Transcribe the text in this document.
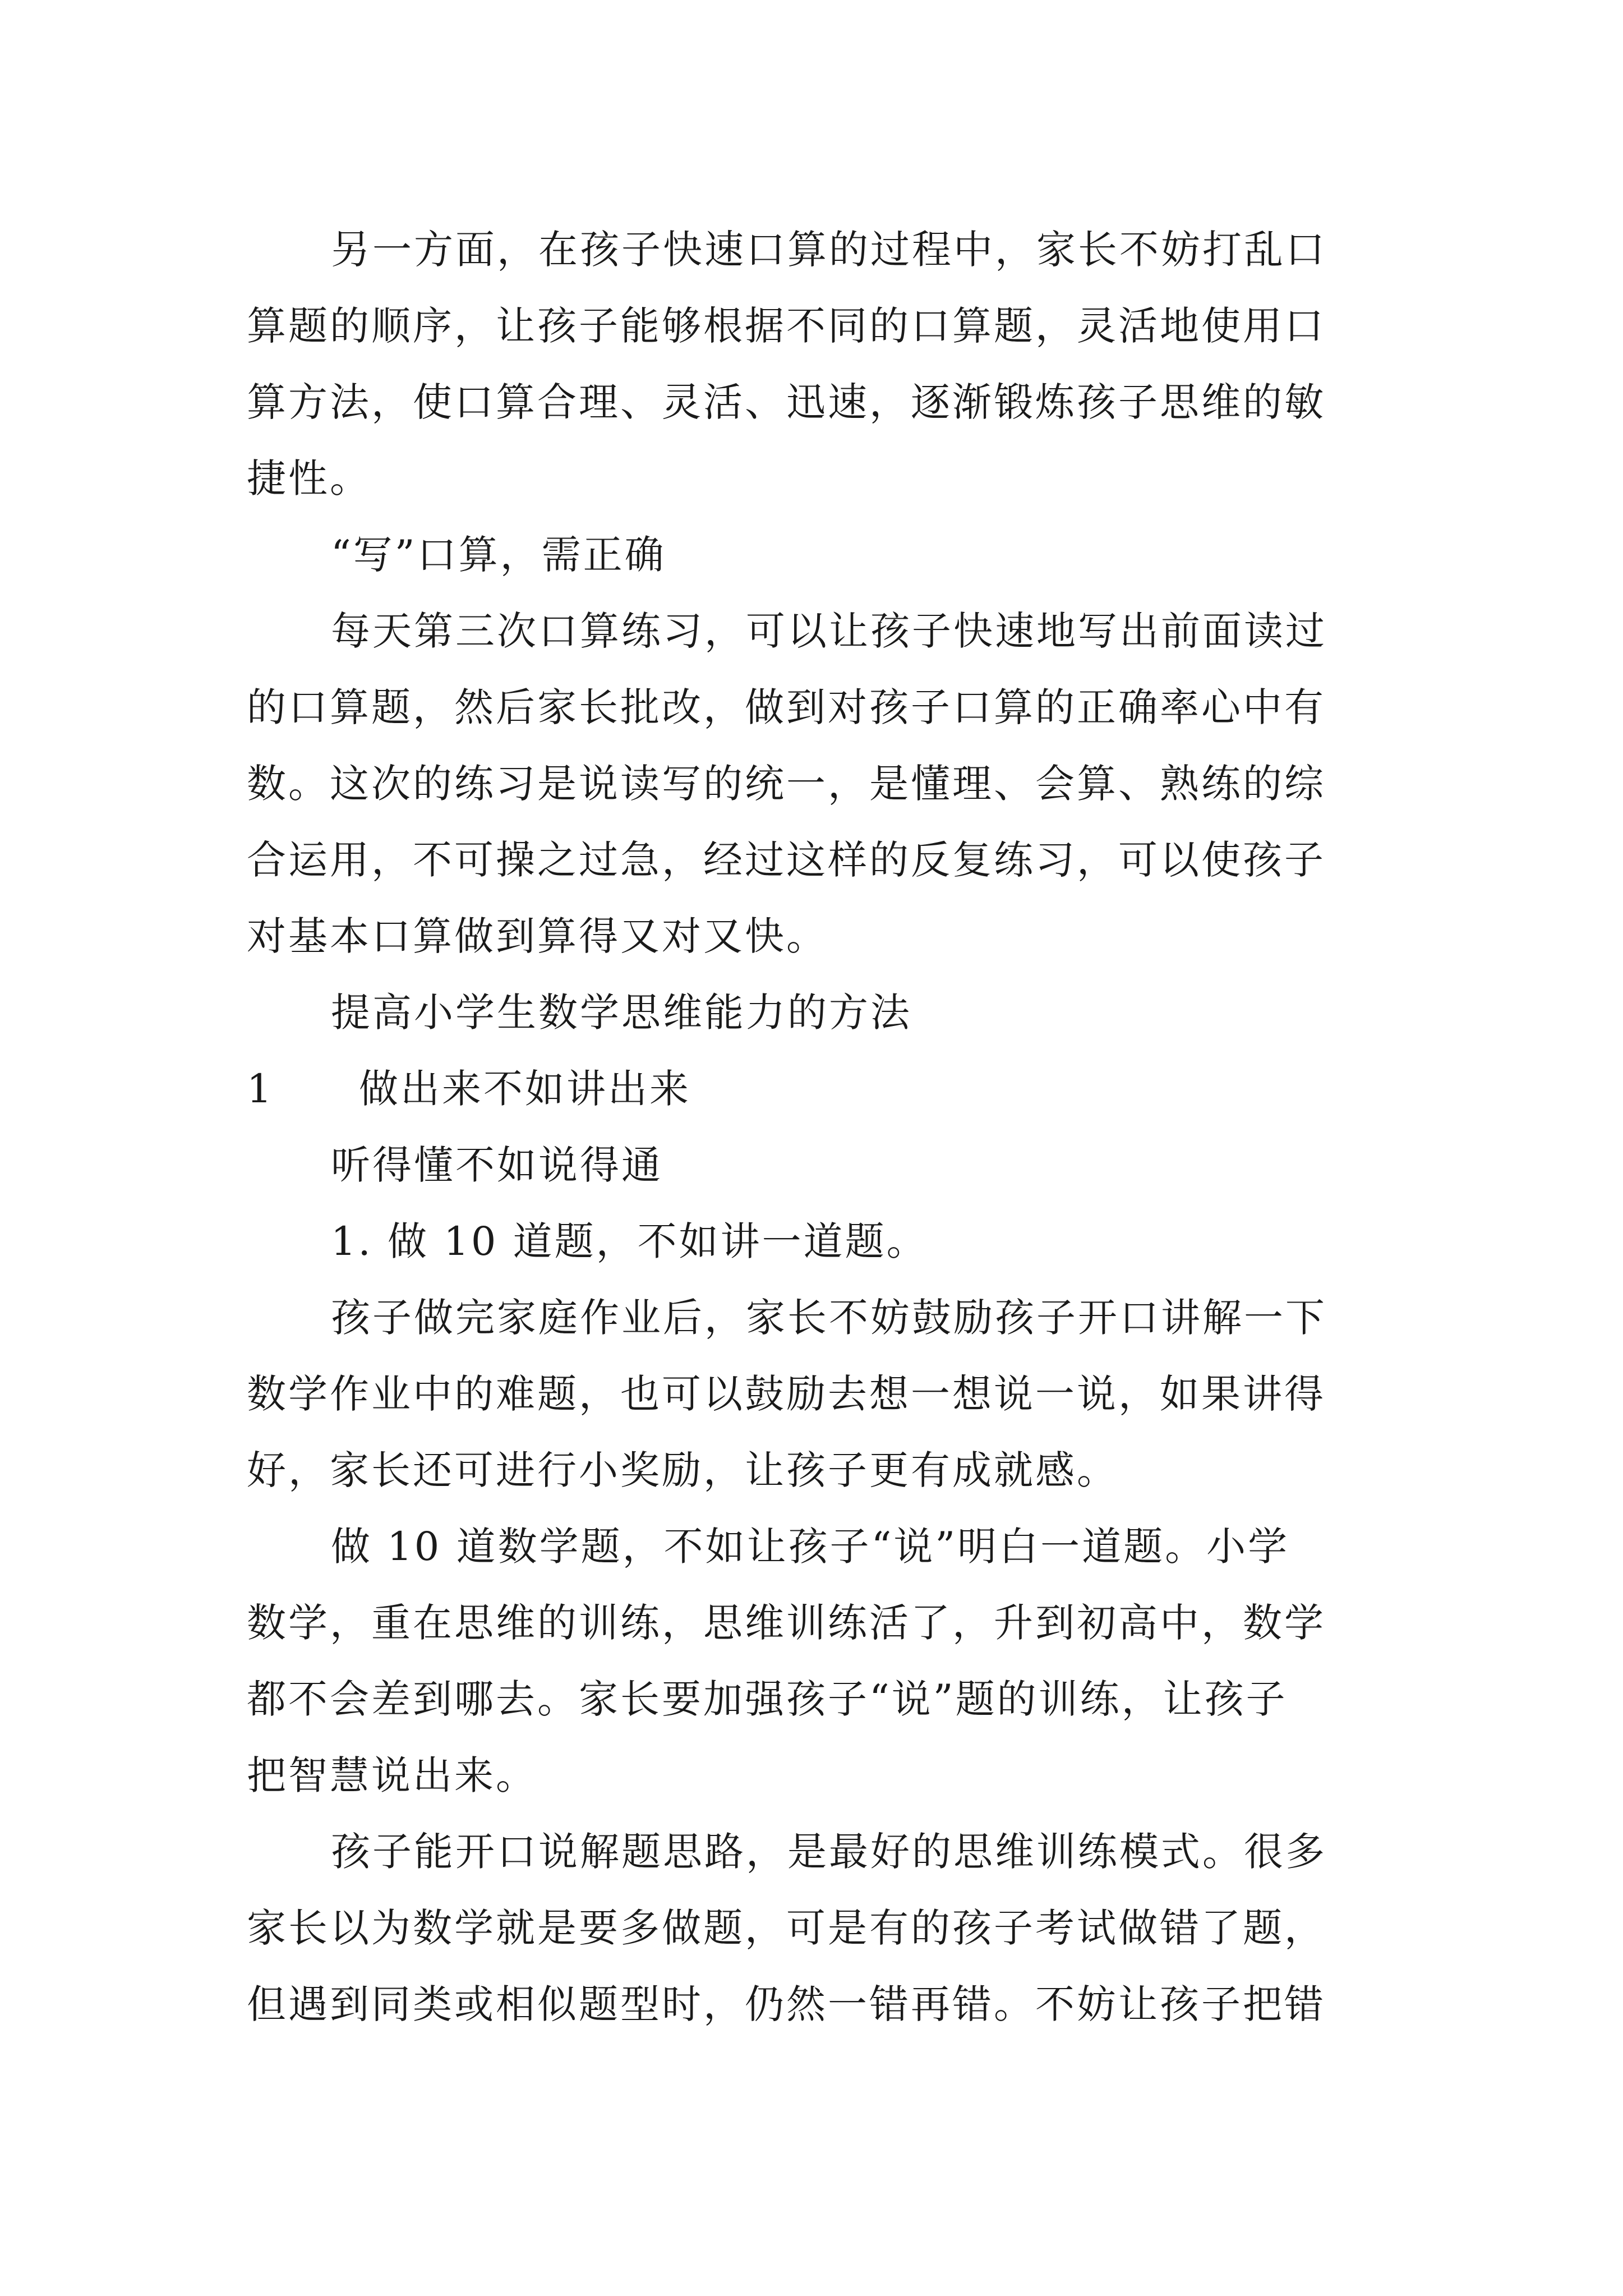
另一方面，在孩子快速口算的过程中，家长不妨打乱口
算题的顺序，让孩子能够根据不同的口算题，灵活地使用口
算方法，使口算合理、灵活、迅速，逐渐锻炼孩子思维的敏
捷性。

“写”口算，需正确

每天第三次口算练习，可以让孩子快速地写出前面读过
的口算题，然后家长批改，做到对孩子口算的正确率心中有
数。这次的练习是说读写的统一，是懂理、会算、熟练的综
合运用，不可操之过急，经过这样的反复练习，可以使孩子
对基本口算做到算得又对又快。

提高小学生数学思维能力的方法

1 做出来不如讲出来

听得懂不如说得通

1. 做 10 道题，不如讲一道题。

孩子做完家庭作业后，家长不妨鼓励孩子开口讲解一下
数学作业中的难题，也可以鼓励去想一想说一说，如果讲得
好，家长还可进行小奖励，让孩子更有成就感。

做 10 道数学题，不如让孩子“说”明白一道题。小学
数学，重在思维的训练，思维训练活了，升到初高中，数学
都不会差到哪去。家长要加强孩子“说”题的训练，让孩子
把智慧说出来。

孩子能开口说解题思路，是最好的思维训练模式。很多
家长以为数学就是要多做题，可是有的孩子考试做错了题，
但遇到同类或相似题型时，仍然一错再错。不妨让孩子把错
